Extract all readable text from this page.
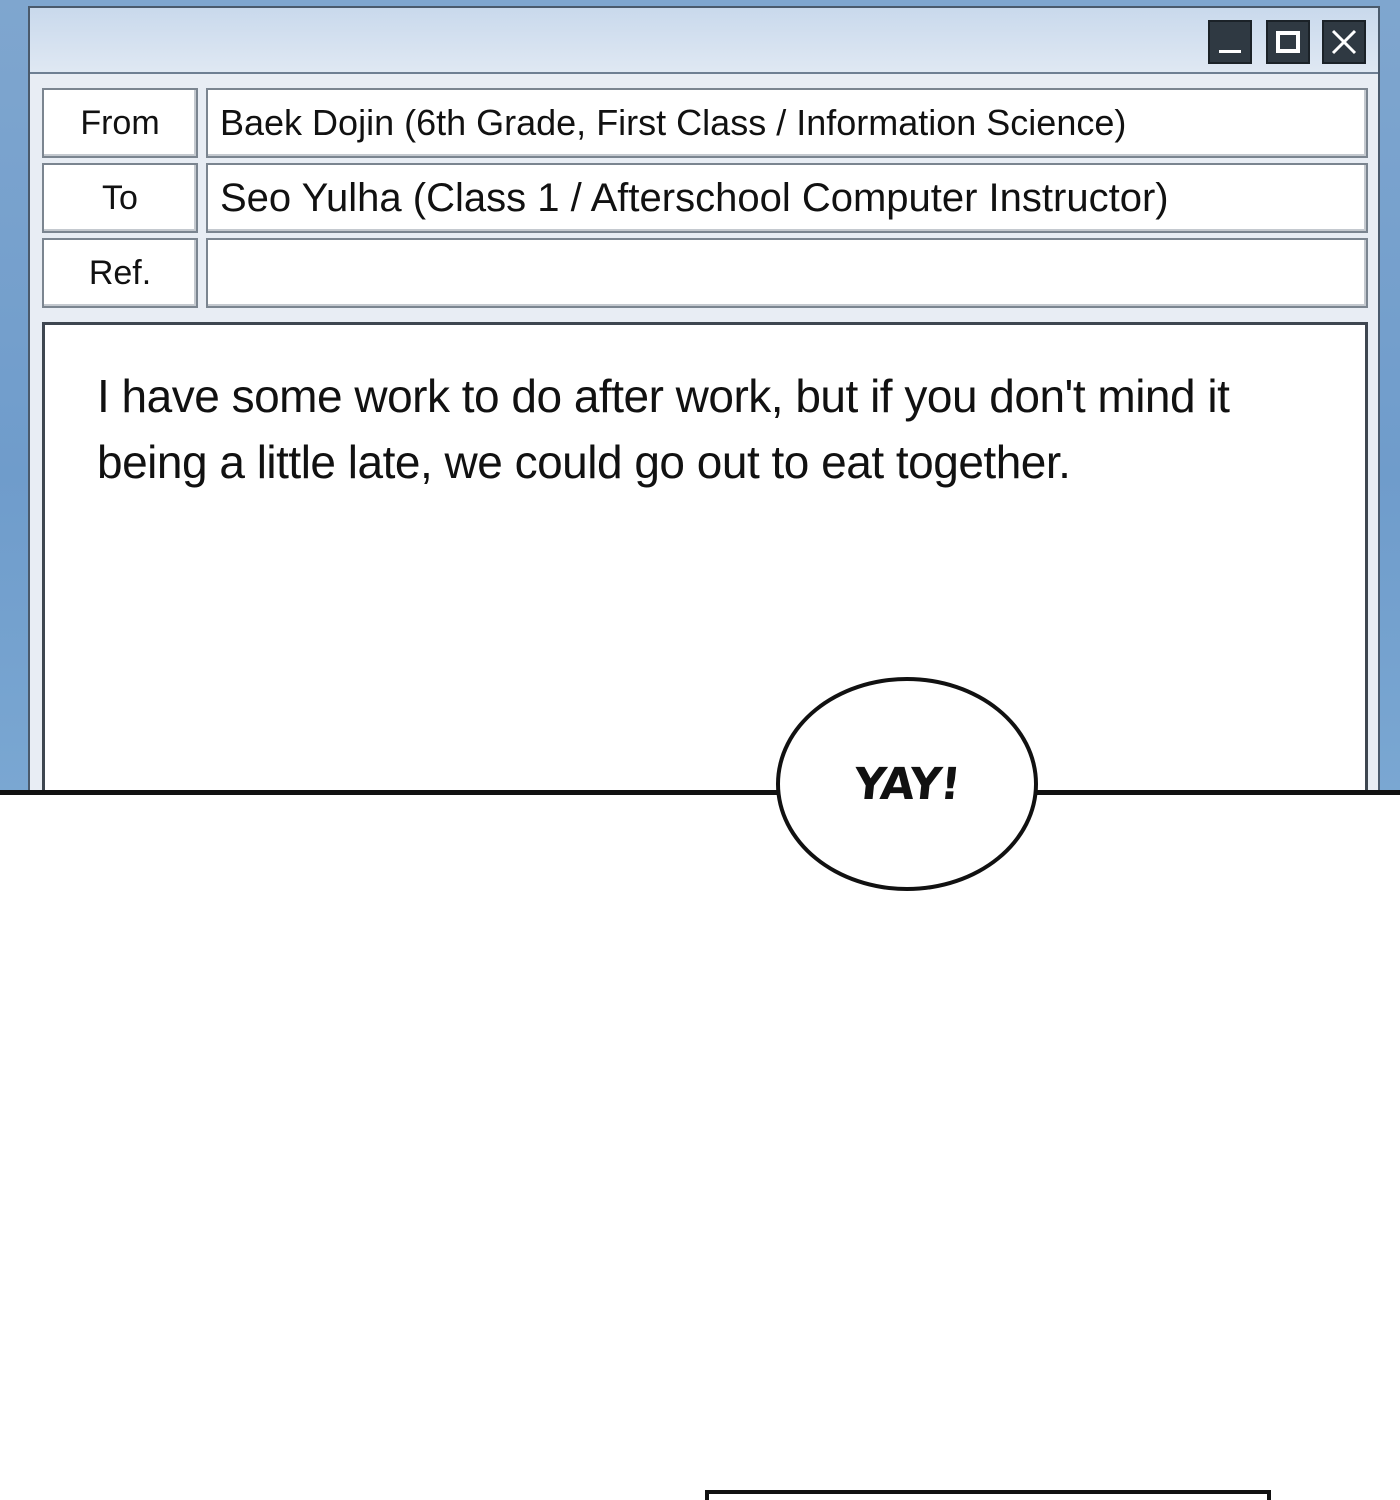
From	Baek Dojin (6th Grade, First Class / Information Science)
To	Seo Yulha (Class 1 / Afterschool Computer Instructor)
Ref.
I have some work to do after work, but if you don't mind it
being a little late, we could go out to eat together.
YAY!
